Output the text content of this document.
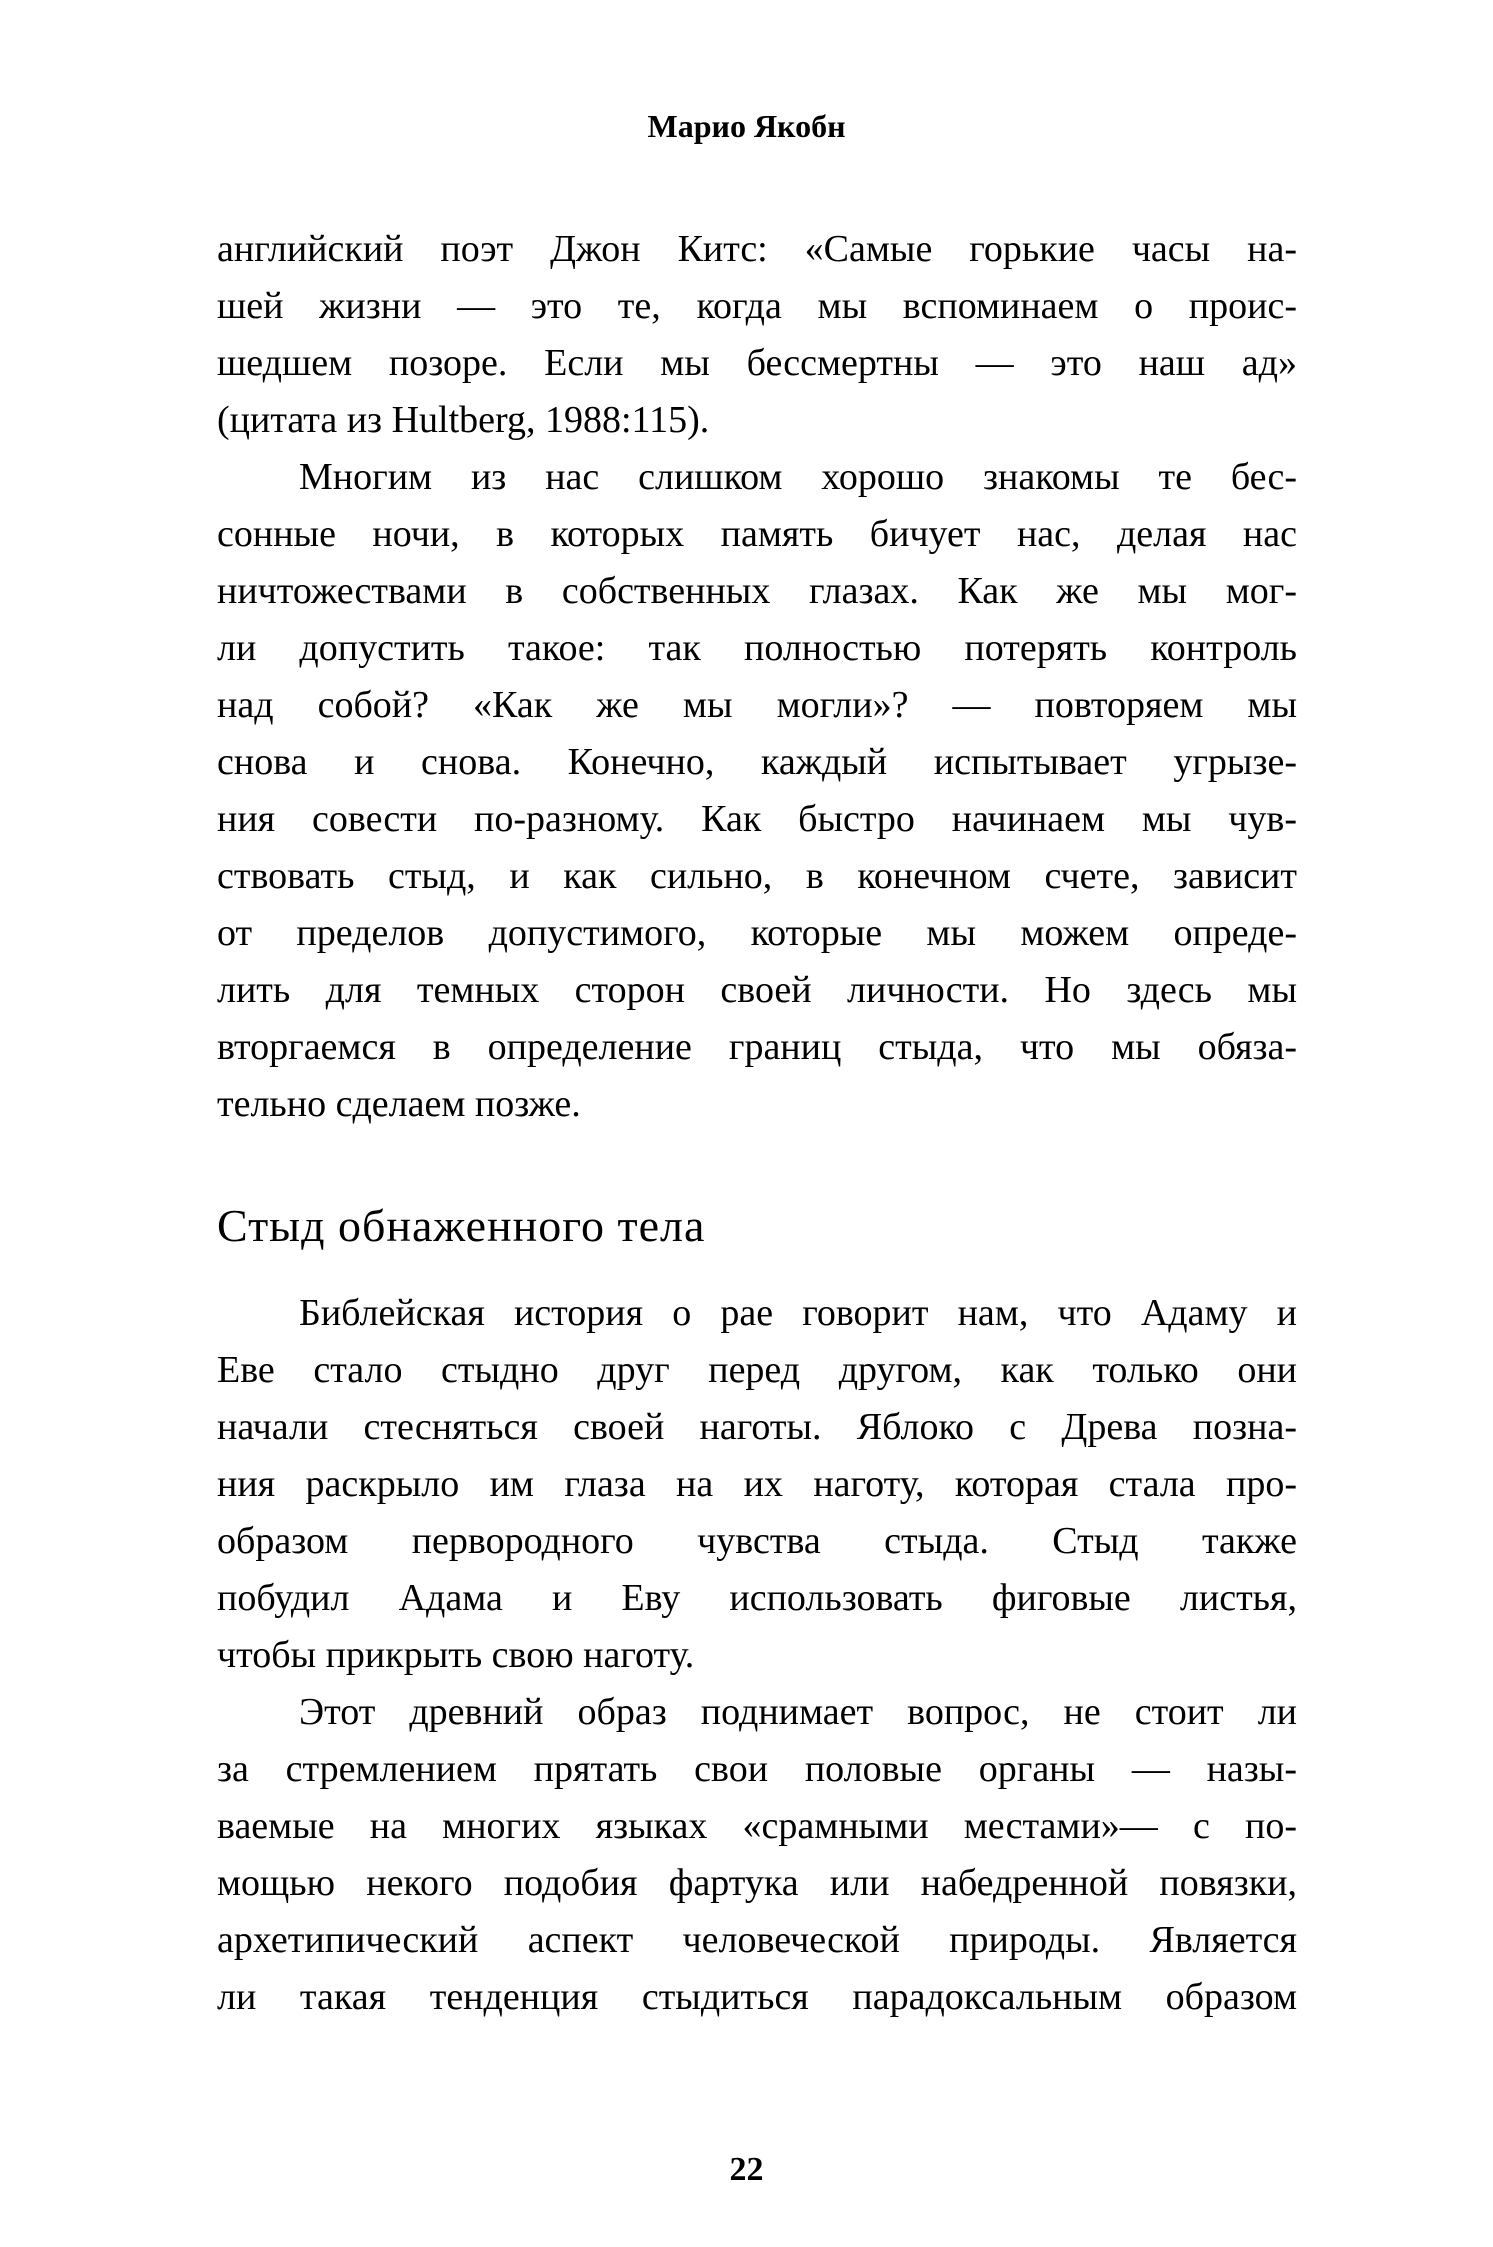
Марио Якобн
английский поэт Джон Китс: «Самые горькие часы на-
шей жизни — это те, когда мы вспоминаем о проис-
шедшем позоре. Если мы бессмертны — это наш ад»
(цитата из Hultberg, 1988:115).
Многим из нас слишком хорошо знакомы те бес-
сонные ночи, в которых память бичует нас, делая нас
ничтожествами в собственных глазах. Как же мы мог-
ли допустить такое: так полностью потерять контроль
над собой? «Как же мы могли»? — повторяем мы
снова и снова. Конечно, каждый испытывает угрызе-
ния совести по-разному. Как быстро начинаем мы чув-
ствовать стыд, и как сильно, в конечном счете, зависит
от пределов допустимого, которые мы можем опреде-
лить для темных сторон своей личности. Но здесь мы
вторгаемся в определение границ стыда, что мы обяза-
тельно сделаем позже.
Стыд обнаженного тела
Библейская история о рае говорит нам, что Адаму и
Еве стало стыдно друг перед другом, как только они
начали стесняться своей наготы. Яблоко с Древа позна-
ния раскрыло им глаза на их наготу, которая стала про-
образом первородного чувства стыда. Стыд также
побудил Адама и Еву использовать фиговые листья,
чтобы прикрыть свою наготу.
Этот древний образ поднимает вопрос, не стоит ли
за стремлением прятать свои половые органы — назы-
ваемые на многих языках «срамными местами»— с по-
мощью некого подобия фартука или набедренной повязки,
архетипический аспект человеческой природы. Является
ли такая тенденция стыдиться парадоксальным образом
22
